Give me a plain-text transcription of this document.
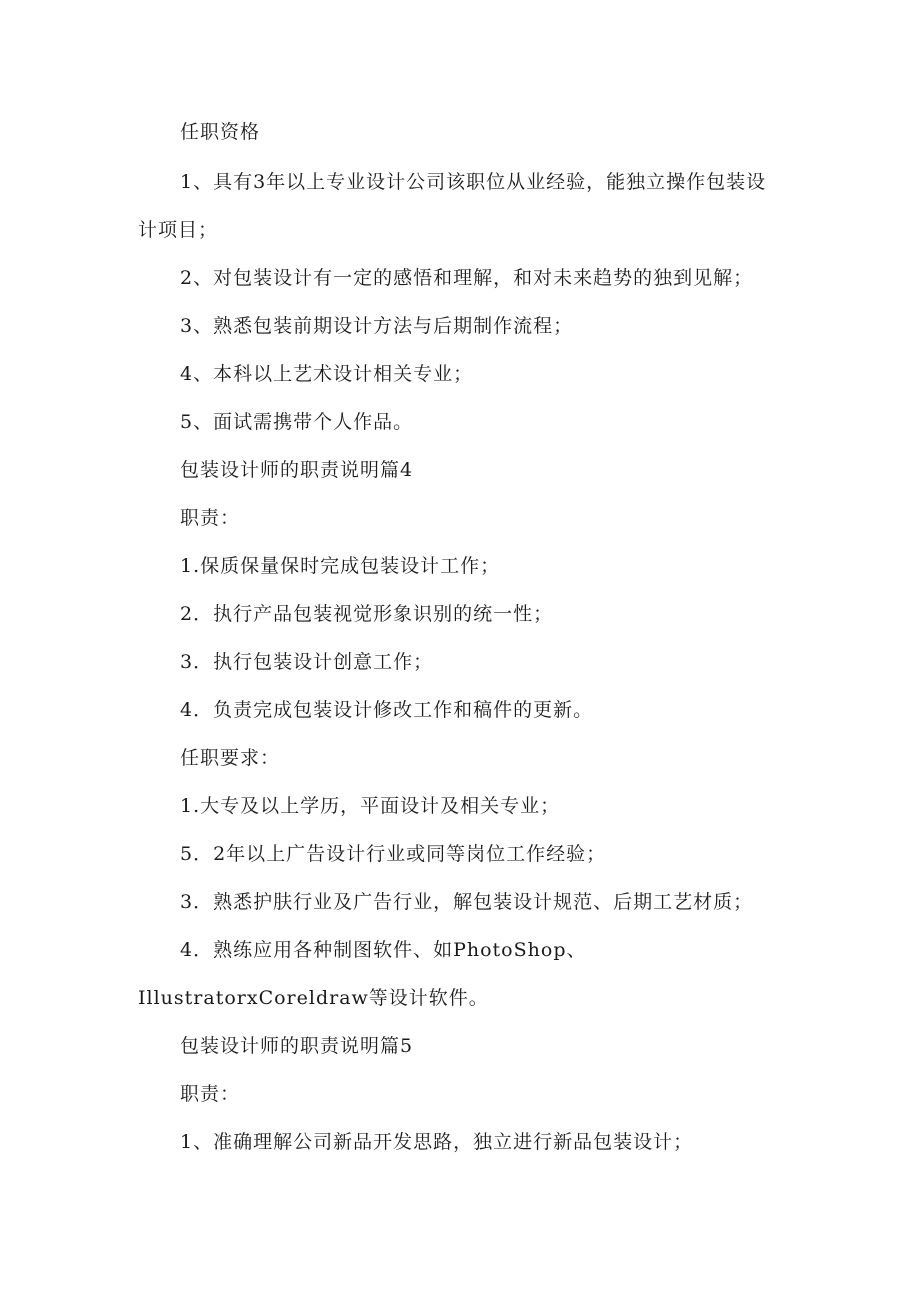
任职资格
1、具有3年以上专业设计公司该职位从业经验，能独立操作包装设
计项目；
2、对包装设计有一定的感悟和理解，和对未来趋势的独到见解；
3、熟悉包装前期设计方法与后期制作流程；
4、本科以上艺术设计相关专业；
5、面试需携带个人作品。
包装设计师的职责说明篇4
职责：
1.保质保量保时完成包装设计工作；
2．执行产品包装视觉形象识别的统一性；
3．执行包装设计创意工作；
4．负责完成包装设计修改工作和稿件的更新。
任职要求：
1.大专及以上学历，平面设计及相关专业；
5．2年以上广告设计行业或同等岗位工作经验；
3．熟悉护肤行业及广告行业，解包装设计规范、后期工艺材质；
4．熟练应用各种制图软件、如PhotoShop、
IllustratorxCoreldraw等设计软件。
包装设计师的职责说明篇5
职责：
1、准确理解公司新品开发思路，独立进行新品包装设计；
